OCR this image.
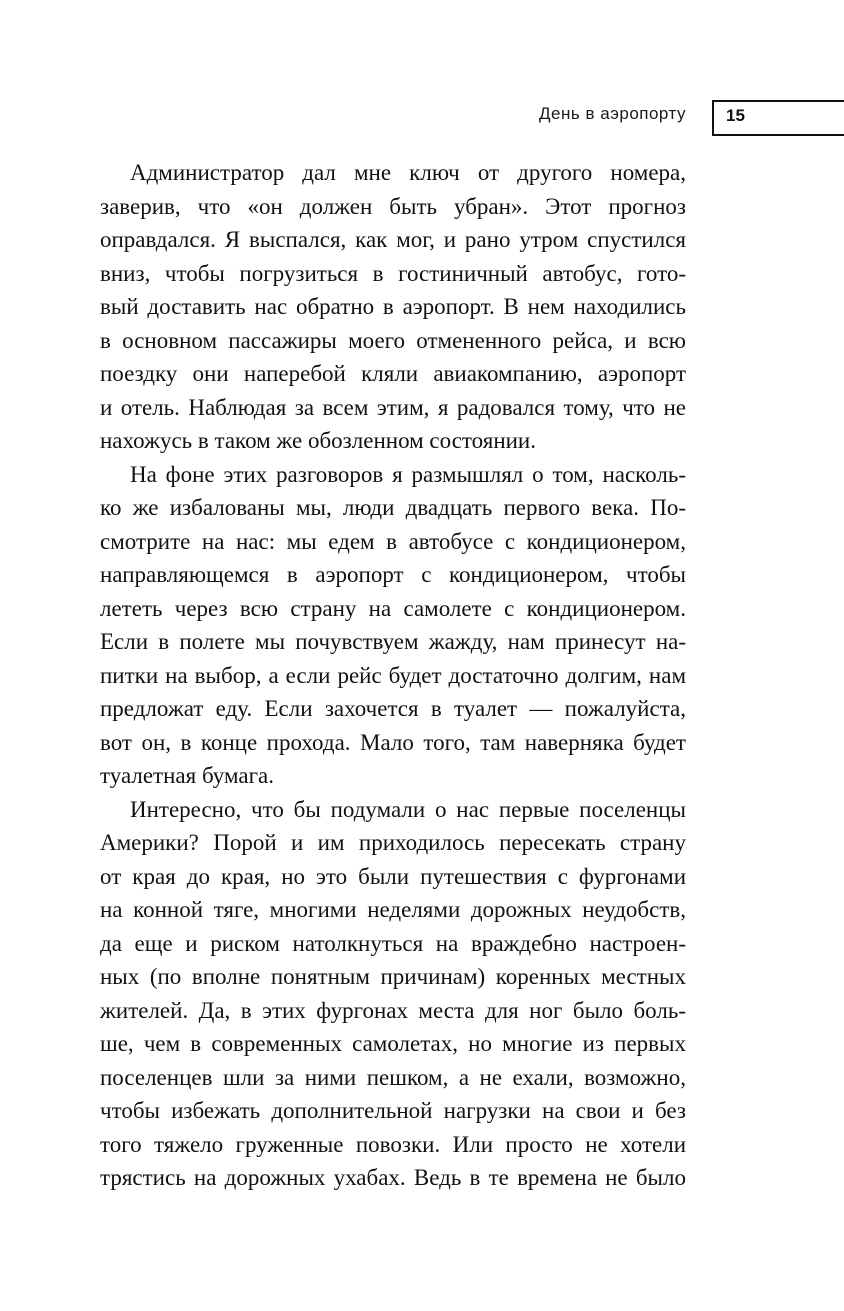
День в аэропорту 15

Администратор дал мне ключ от другого номера,
заверив, что «он должен быть убран». Этот прогноз
оправдался. Я выспался, как мог, и рано утром спустился
вниз, чтобы погрузиться в гостиничный автобус, гото-
вый доставить нас обратно в аэропорт. В нем находились
в основном пассажиры моего отмененного рейса, и всю
поездку они наперебой кляли авиакомпанию, аэропорт
и отель. Наблюдая за всем этим, я радовался тому, что не
нахожусь в таком же обозленном состоянии.

На фоне этих разговоров я размышлял о том, насколь-
ко же избалованы мы, люди двадцать первого века. По-
смотрите на нас: мы едем в автобусе с кондиционером,
направляющемся в аэропорт с кондиционером, чтобы
лететь через всю страну на самолете с кондиционером.
Если в полете мы почувствуем жажду, нам принесут на-
питки на выбор, а если рейс будет достаточно долгим, нам
предложат еду. Если захочется в туалет — пожалуйста,
вот он, в конце прохода. Мало того, там наверняка будет
туалетная бумага.

Интересно, что бы подумали о нас первые поселенцы
Америки? Порой и им приходилось пересекать страну
от края до края, но это были путешествия с фургонами
на конной тяге, многими неделями дорожных неудобств,
да еще и риском натолкнуться на враждебно настроен-
ных (по вполне понятным причинам) коренных местных
жителей. Да, в этих фургонах места для ног было боль-
ше, чем в современных самолетах, но многие из первых
поселенцев шли за ними пешком, а не ехали, возможно,
чтобы избежать дополнительной нагрузки на свои и без
того тяжело груженные повозки. Или просто не хотели
трястись на дорожных ухабах. Ведь в те времена не было
